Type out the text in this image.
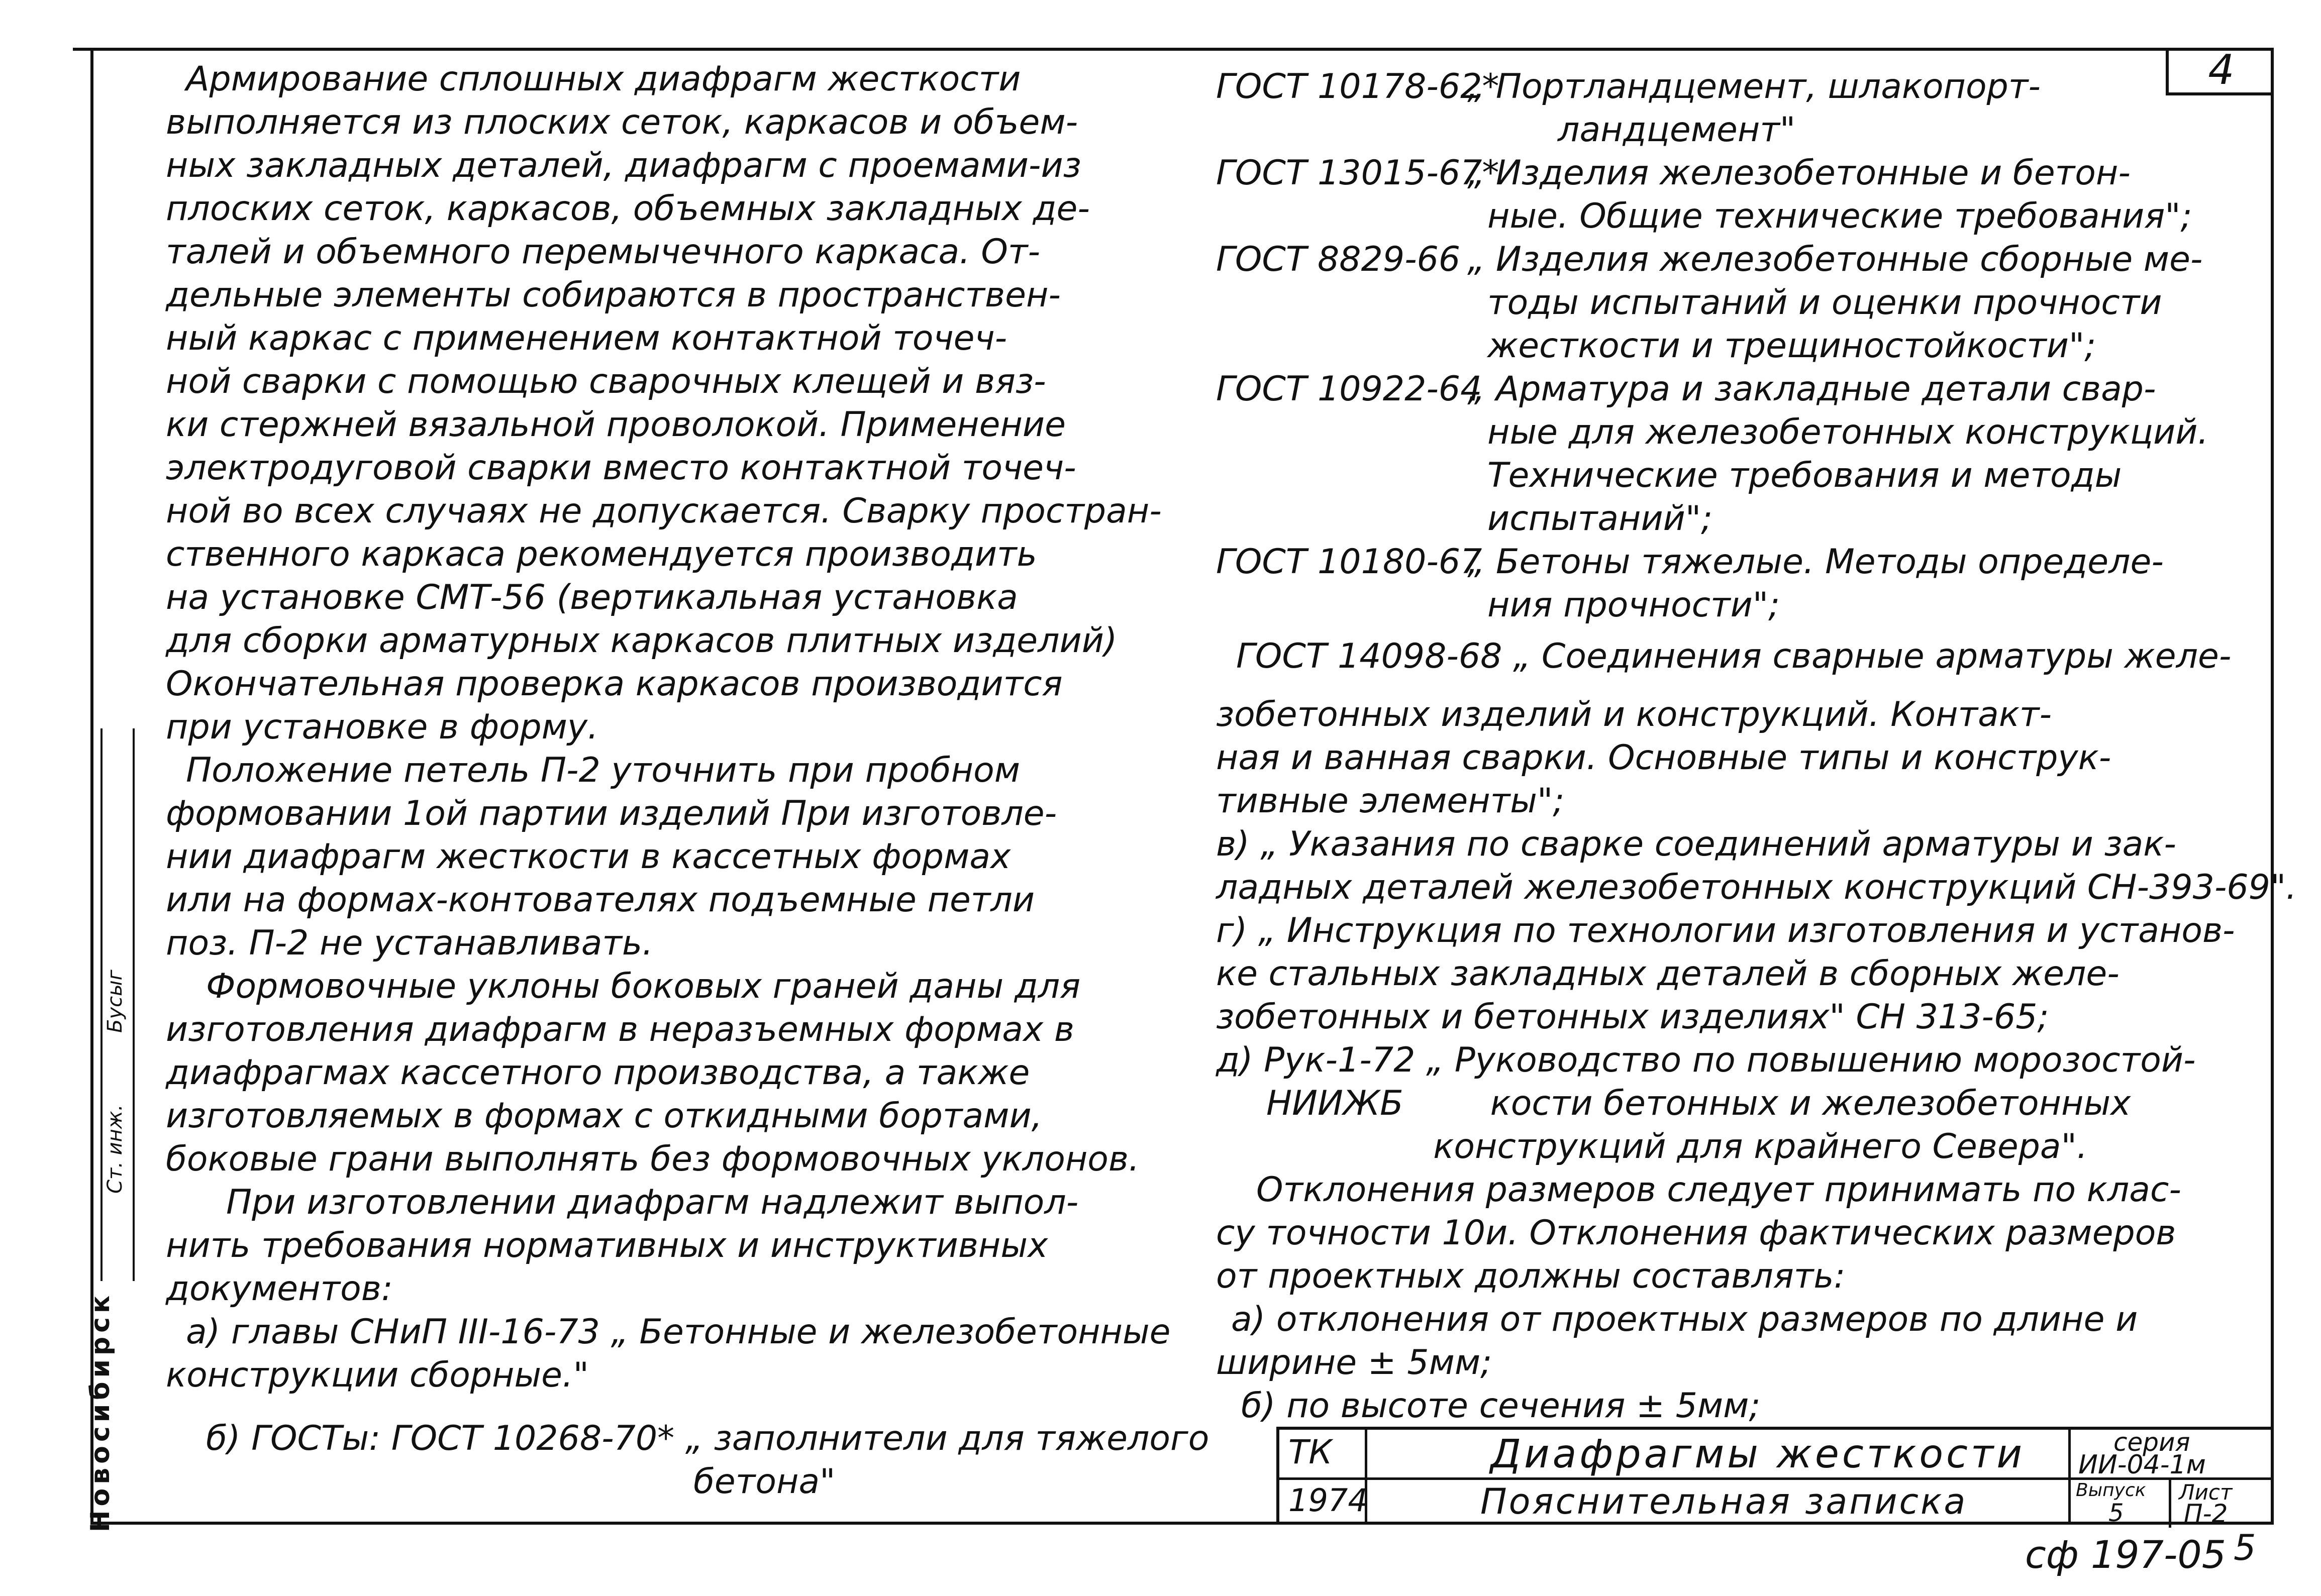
4
Новосибирск
Ст. инж.
Бусыг

Армирование сплошных диафрагм жесткости

выполняется из плоских сеток, каркасов и объем-

ных закладных деталей, диафрагм с проемами-из

плоских сеток, каркасов, объемных закладных де-

талей и объемного перемычечного каркаса. От-

дельные элементы собираются в пространствен-

ный каркас с применением контактной точеч-

ной сварки с помощью сварочных клещей и вяз-

ки стержней вязальной проволокой. Применение

электродуговой сварки вместо контактной точеч-

ной во всех случаях не допускается. Сварку простран-

ственного каркаса рекомендуется производить

на установке СМТ-56 (вертикальная установка

для сборки арматурных каркасов плитных изделий)

Окончательная проверка каркасов производится

при установке в форму.

Положение петель П-2 уточнить при пробном

формовании 1ой партии изделий При изготовле-

нии диафрагм жесткости в кассетных формах

или на формах-контователях подъемные петли

поз. П-2 не устанавливать.

Формовочные уклоны боковых граней даны для

изготовления диафрагм в неразъемных формах в

диафрагмах кассетного производства, а также

изготовляемых в формах с откидными бортами,

боковые грани выполнять без формовочных уклонов.

При изготовлении диафрагм надлежит выпол-

нить требования нормативных и инструктивных

документов:

а) главы СНиП III-16-73 „ Бетонные и железобетонные

конструкции сборные."

б) ГОСТы: ГОСТ 10268-70* „ заполнители для тяжелого

бетона"

ГОСТ 10178-62*„ Портландцемент, шлакопорт-

ландцемент"

ГОСТ 13015-67*„ Изделия железобетонные и бетон-

ные. Общие технические требования";

ГОСТ 8829-66 „ Изделия железобетонные сборные ме-

тоды испытаний и оценки прочности

жесткости и трещиностойкости";

ГОСТ 10922-64„ Арматура и закладные детали свар-

ные для железобетонных конструкций.

Технические требования и методы

испытаний";

ГОСТ 10180-67„ Бетоны тяжелые. Методы определе-

ния прочности";

ГОСТ 14098-68 „ Соединения сварные арматуры желе-

зобетонных изделий и конструкций. Контакт-

ная и ванная сварки. Основные типы и конструк-

тивные элементы";

в) „ Указания по сварке соединений арматуры и зак-

ладных деталей железобетонных конструкций СН-393-69".

г) „ Инструкция по технологии изготовления и установ-

ке стальных закладных деталей в сборных желе-

зобетонных и бетонных изделиях" СН 313-65;

д) Рук-1-72 „ Руководство по повышению морозостой-

НИИЖБ        кости бетонных и железобетонных

конструкций для крайнего Севера".

Отклонения размеров следует принимать по клас-

су точности 10и. Отклонения фактических размеров

от проектных должны составлять:

а) отклонения от проектных размеров по длине и

ширине ± 5мм;

б) по высоте сечения ± 5мм;

ТК
1974
Диафрагмы жесткости
Пояснительная записка
серия
ИИ-04-1м
Выпуск
5
Лист
П-2
сф 197-05 5
